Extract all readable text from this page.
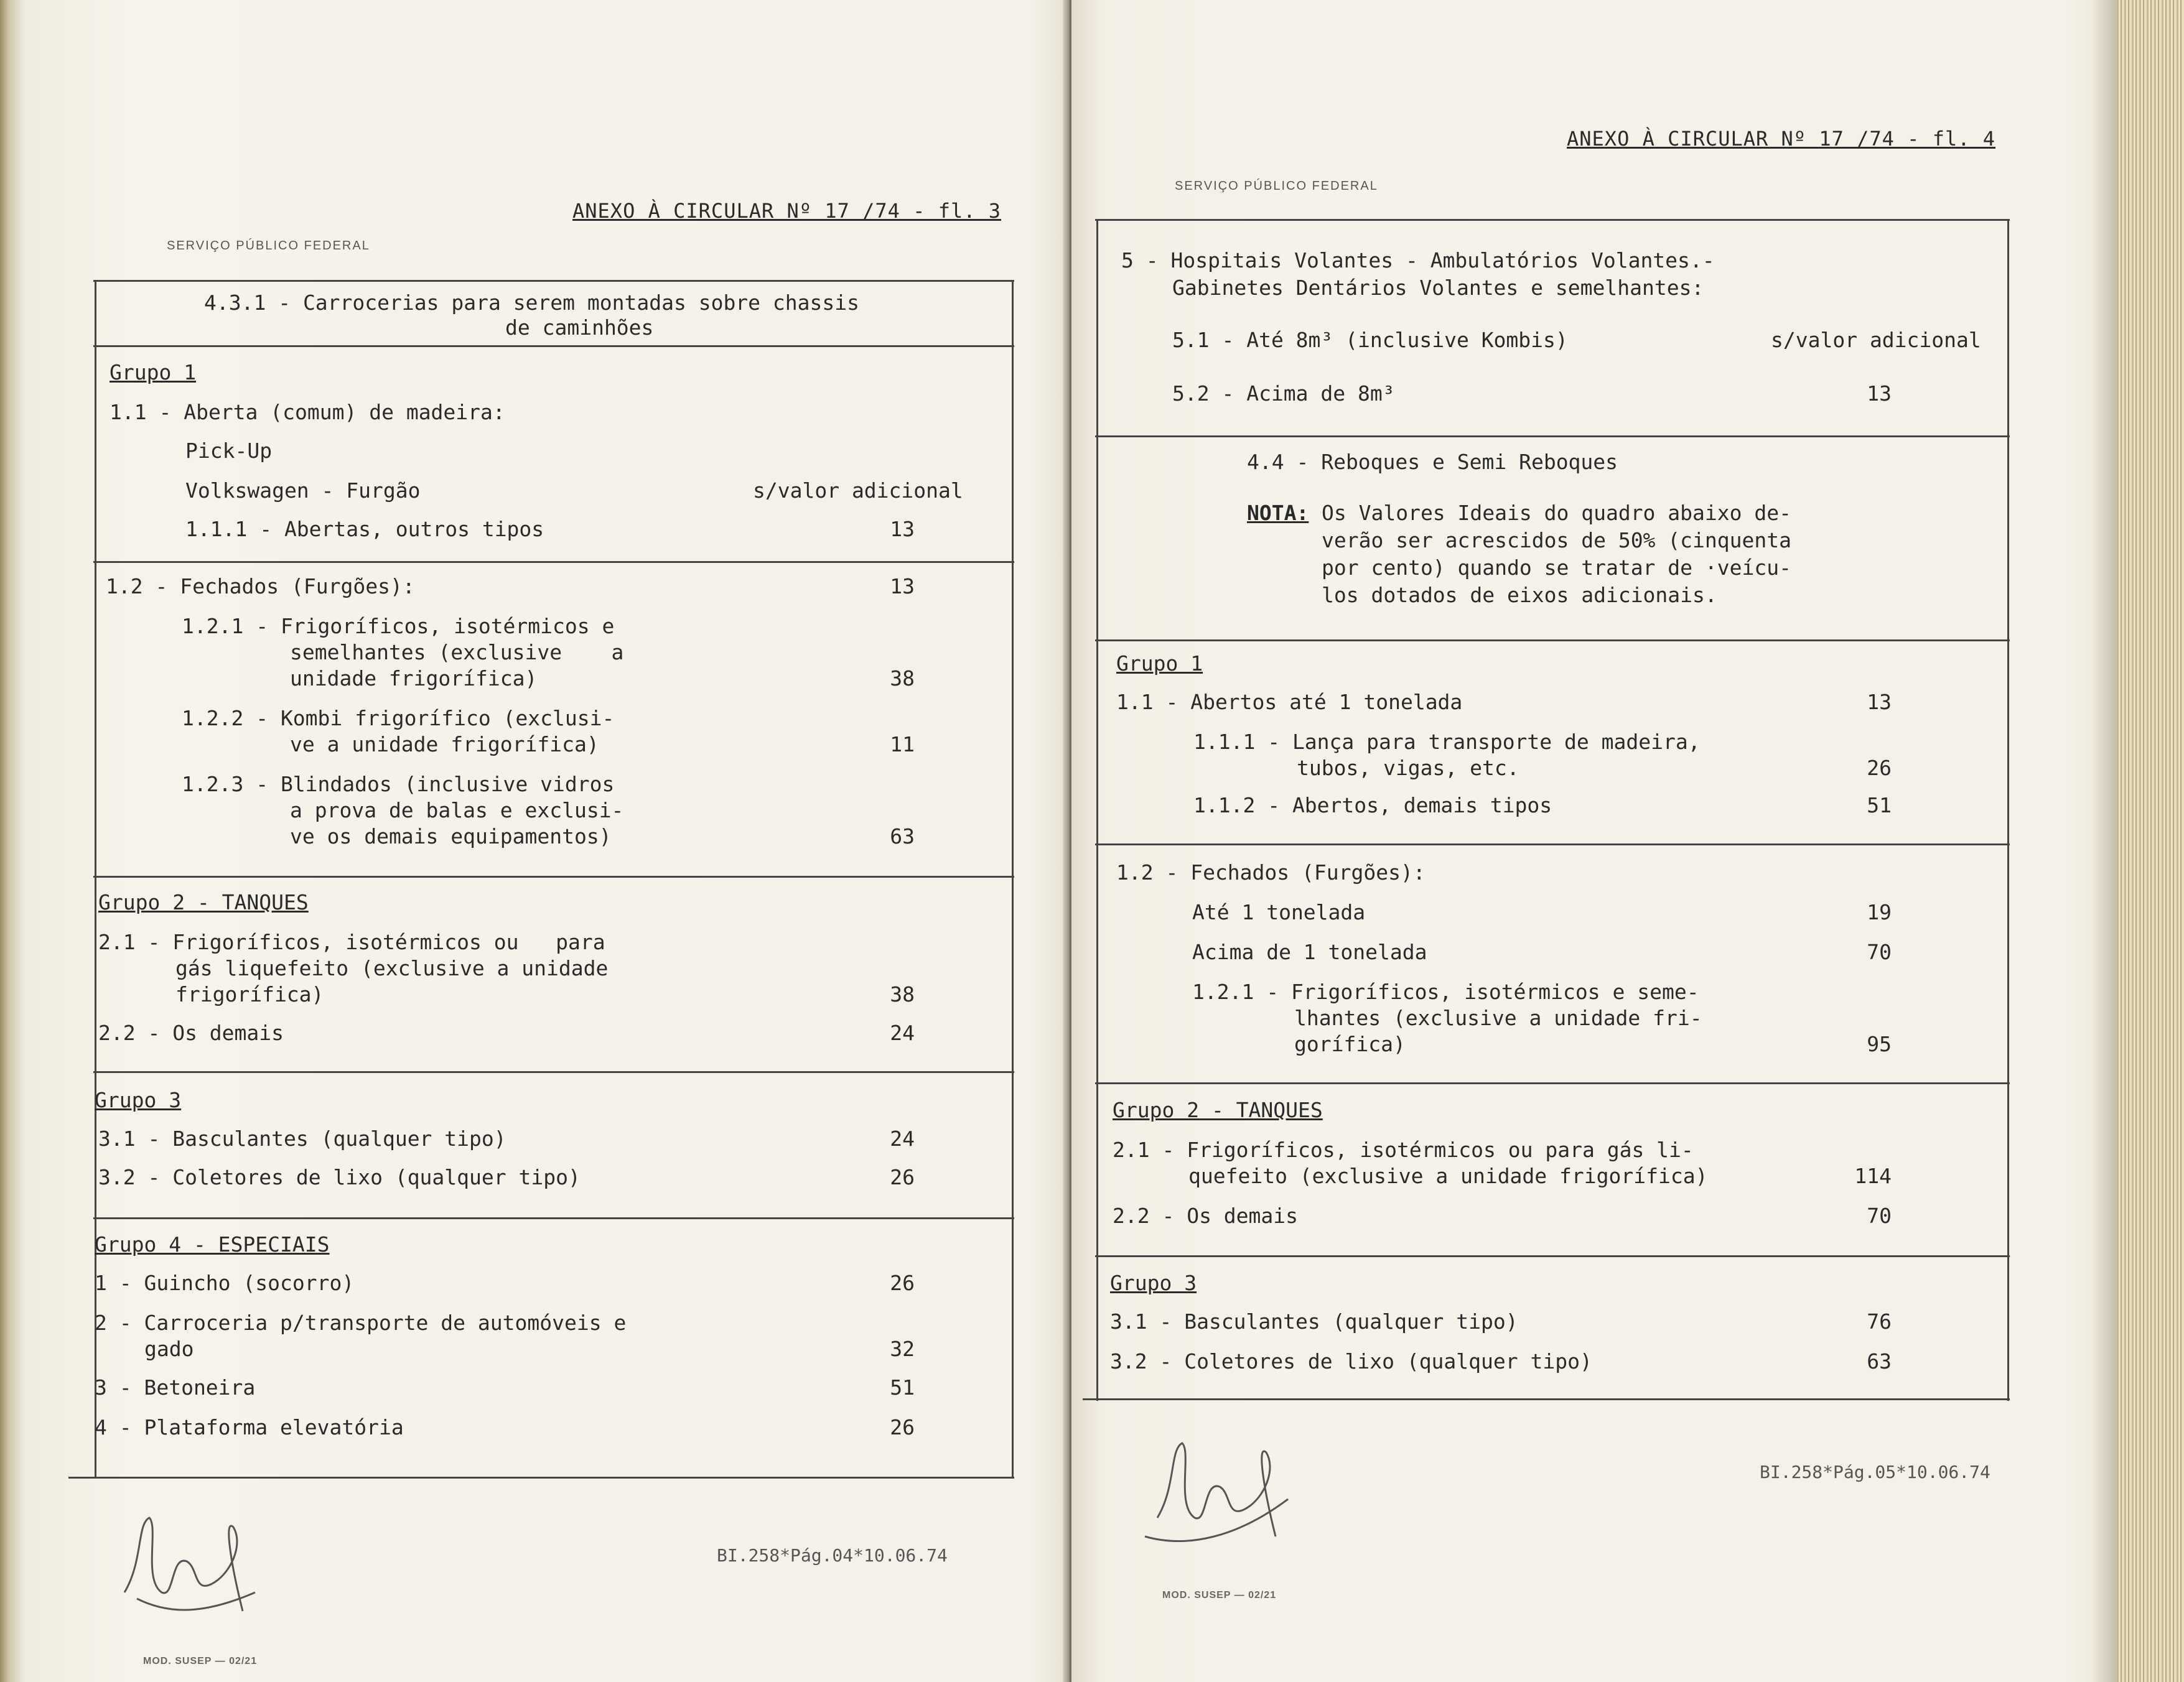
ANEXO À CIRCULAR Nº 17 /74 - fl. 3
SERVIÇO PÚBLICO FEDERAL
4.3.1 - Carrocerias para serem montadas sobre chassis
de caminhões
Grupo 1
1.1 - Aberta (comum) de madeira:
Pick-Up
Volkswagen - Furgão	s/valor adicional
1.1.1 - Abertas, outros tipos	13
1.2 - Fechados (Furgões):	13
1.2.1 - Frigoríficos, isotérmicos e
semelhantes (exclusive    a
unidade frigorífica)	38
1.2.2 - Kombi frigorífico (exclusi-
ve a unidade frigorífica)	11
1.2.3 - Blindados (inclusive vidros
a prova de balas e exclusi-
ve os demais equipamentos)	63
Grupo 2 - TANQUES
2.1 - Frigoríficos, isotérmicos ou   para
gás liquefeito (exclusive a unidade
frigorífica)	38
2.2 - Os demais	24
Grupo 3
3.1 - Basculantes (qualquer tipo)	24
3.2 - Coletores de lixo (qualquer tipo)	26
Grupo 4 - ESPECIAIS
1 - Guincho (socorro)	26
2 - Carroceria p/transporte de automóveis e
gado	32
3 - Betoneira	51
4 - Plataforma elevatória	26
BI.258*Pág.04*10.06.74
MOD. SUSEP — 02/21
ANEXO À CIRCULAR Nº 17 /74 - fl. 4
SERVIÇO PÚBLICO FEDERAL
5 - Hospitais Volantes - Ambulatórios Volantes.-
Gabinetes Dentários Volantes e semelhantes:
5.1 - Até 8m³ (inclusive Kombis)	s/valor adicional
5.2 - Acima de 8m³	13
4.4 - Reboques e Semi Reboques
NOTA: Os Valores Ideais do quadro abaixo de-
verão ser acrescidos de 50% (cinquenta
por cento) quando se tratar de ·veícu-
los dotados de eixos adicionais.
Grupo 1
1.1 - Abertos até 1 tonelada	13
1.1.1 - Lança para transporte de madeira,
tubos, vigas, etc.	26
1.1.2 - Abertos, demais tipos	51
1.2 - Fechados (Furgões):
Até 1 tonelada	19
Acima de 1 tonelada	70
1.2.1 - Frigoríficos, isotérmicos e seme-
lhantes (exclusive a unidade fri-
gorífica)	95
Grupo 2 - TANQUES
2.1 - Frigoríficos, isotérmicos ou para gás li-
quefeito (exclusive a unidade frigorífica)	114
2.2 - Os demais	70
Grupo 3
3.1 - Basculantes (qualquer tipo)	76
3.2 - Coletores de lixo (qualquer tipo)	63
BI.258*Pág.05*10.06.74
MOD. SUSEP — 02/21
